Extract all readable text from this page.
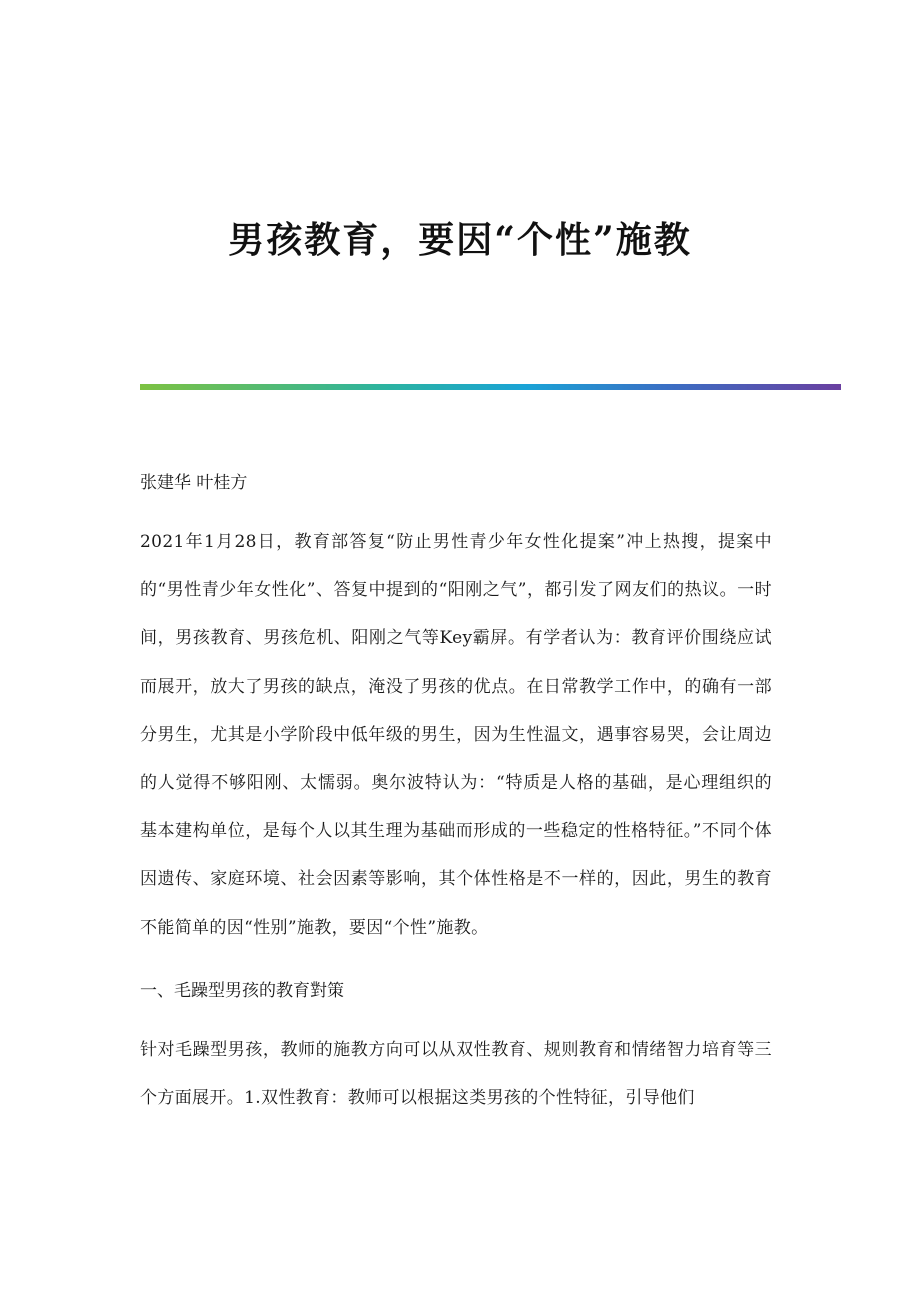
男孩教育，要因“个性”施教

张建华 叶桂方

2021年1月28日，教育部答复“防止男性青少年女性化提案”冲上热搜，提案中的“男性青少年女性化”、答复中提到的“阳刚之气”，都引发了网友们的热议。一时间，男孩教育、男孩危机、阳刚之气等Key霸屏。有学者认为：教育评价围绕应试而展开，放大了男孩的缺点，淹没了男孩的优点。在日常教学工作中，的确有一部分男生，尤其是小学阶段中低年级的男生，因为生性温文，遇事容易哭，会让周边的人觉得不够阳刚、太懦弱。奥尔波特认为：“特质是人格的基础，是心理组织的基本建构单位，是每个人以其生理为基础而形成的一些稳定的性格特征。”不同个体因遗传、家庭环境、社会因素等影响，其个体性格是不一样的，因此，男生的教育不能简单的因“性别”施教，要因“个性”施教。

一、毛躁型男孩的教育對策

针对毛躁型男孩，教师的施教方向可以从双性教育、规则教育和情绪智力培育等三个方面展开。1.双性教育：教师可以根据这类男孩的个性特征，引导他们
